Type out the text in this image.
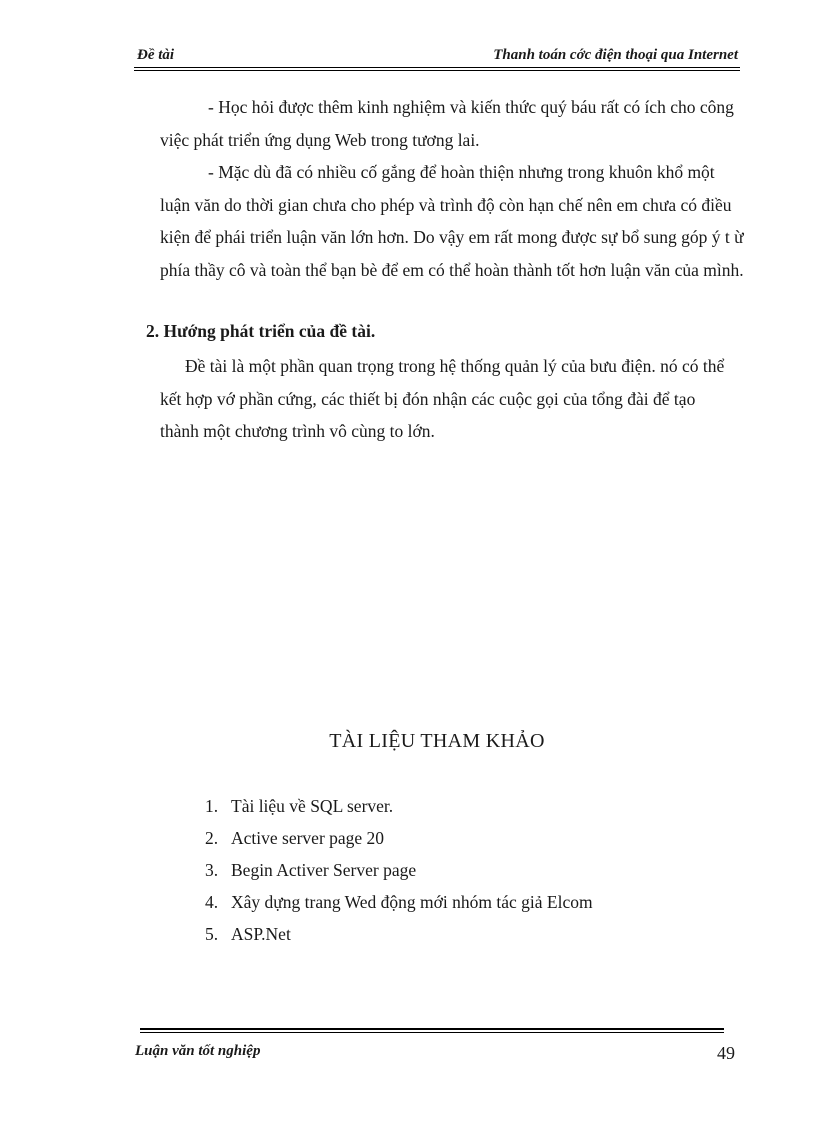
Đề tài	Thanh toán cớc điện thoại qua Internet

- Học hỏi được thêm kinh nghiệm và kiến thức quý báu rất có ích cho công việc phát triển ứng dụng Web trong tương lai.

- Mặc dù đã có nhiều cố gắng để hoàn thiện nhưng trong khuôn khổ một luận văn do thời gian chưa cho phép và trình độ còn hạn chế nên em chưa có điều kiện để phái triển luận văn lớn hơn. Do vậy em rất mong được sự bổ sung góp ý t ừ phía thầy cô và toàn thể bạn bè để em có thể hoàn thành tốt hơn luận văn của mình.

2. Hướng phát triển của đề tài.

Đề tài là một phần quan trọng trong hệ thống quản lý của bưu điện. nó có thể kết hợp vớ phần cứng, các thiết bị đón nhận các cuộc gọi của tổng đài để tạo thành một chương trình vô cùng to lớn.

TÀI LIỆU THAM KHẢO
1. Tài liệu về SQL server.
2. Active server page 20
3. Begin Activer Server page
4. Xây dựng trang Wed động mới nhóm tác giả Elcom
5. ASP.Net
Luận văn tốt nghiệp	49
